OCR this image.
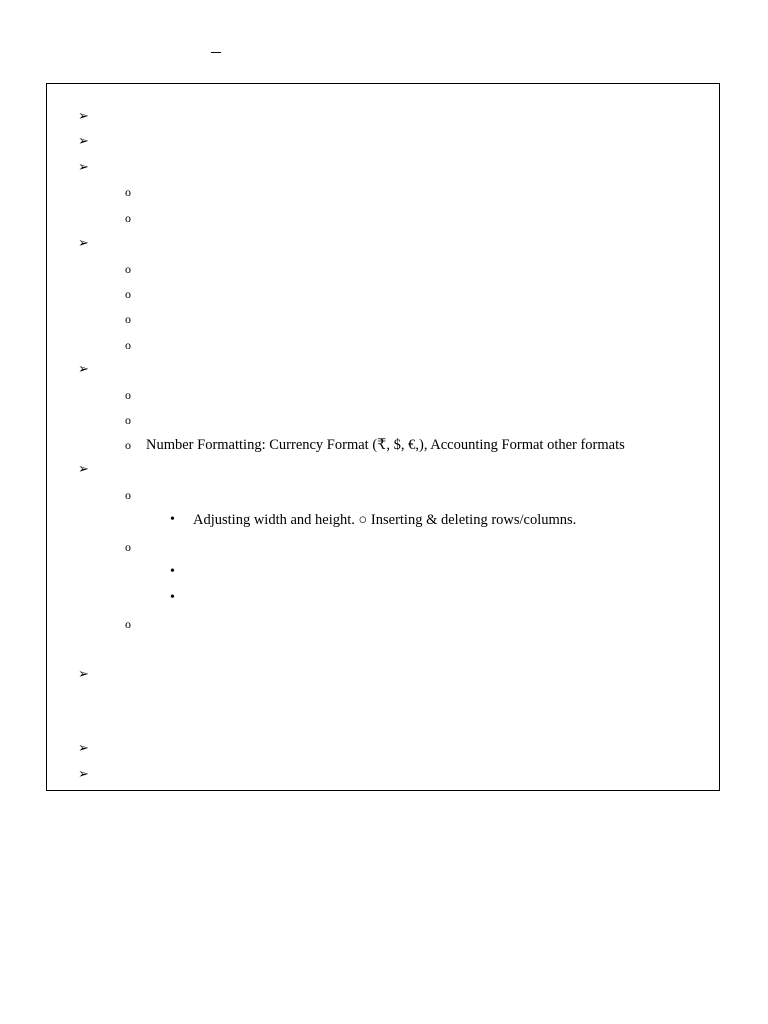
➢
➢
➢
o
o
➢
o
o
o
o
➢
o
o
o Number Formatting: Currency Format (₹, $, €,), Accounting Format other formats
➢
o
• Adjusting width and height. ○ Inserting & deleting rows/columns.
o
•
•
o
➢
➢
➢
